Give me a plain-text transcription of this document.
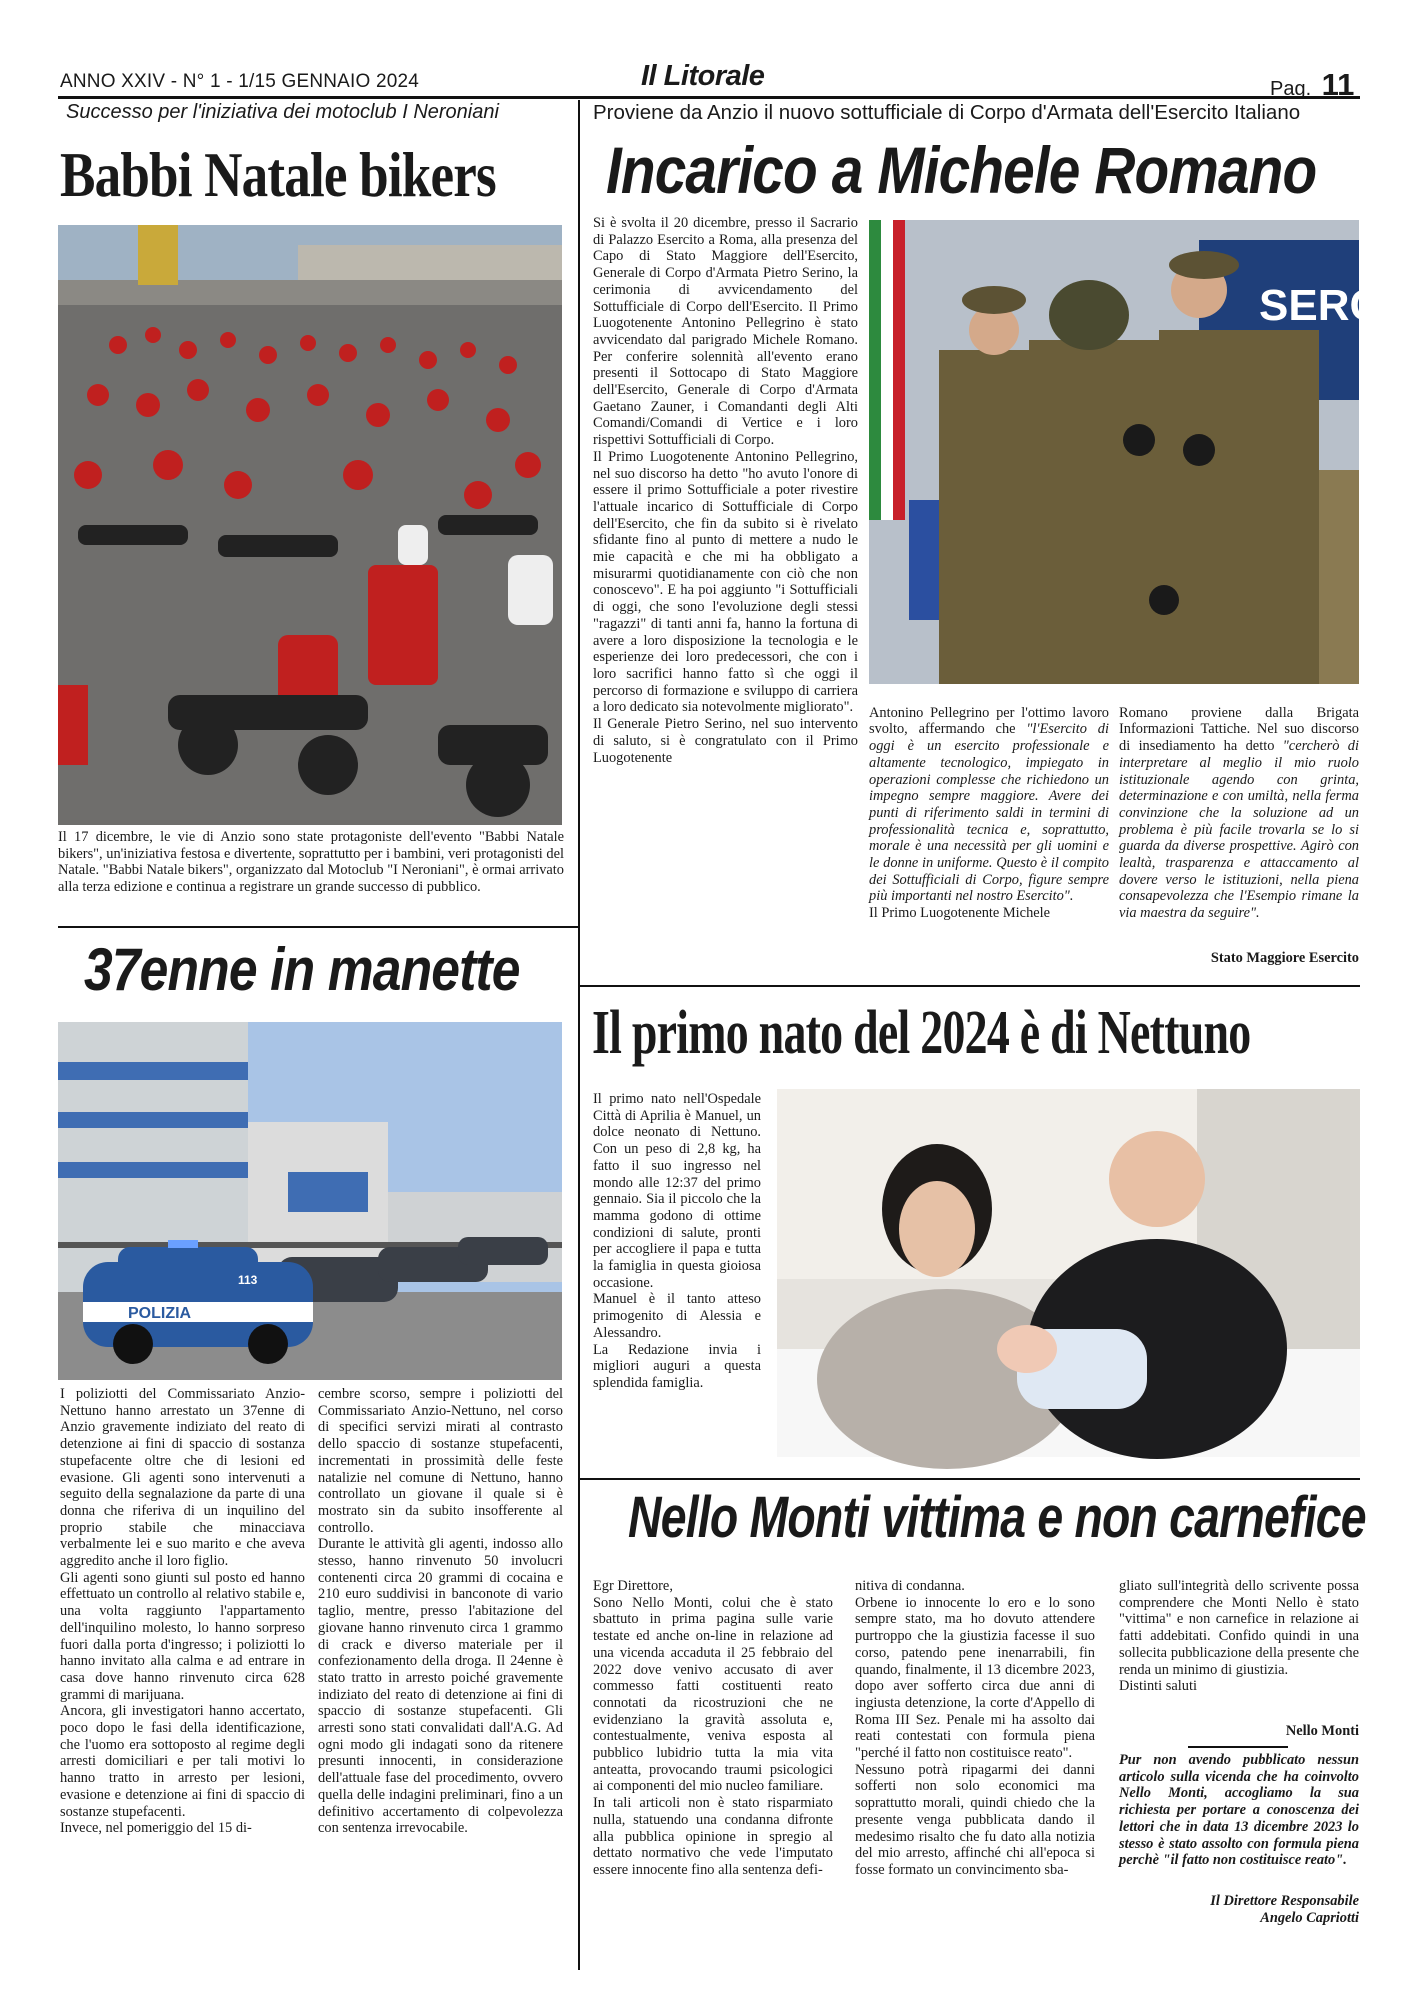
ANNO XXIV - N° 1 - 1/15 GENNAIO 2024	Il Litorale	Pag. 11
Successo per l'iniziativa dei motoclub I Neroniani
Babbi Natale bikers
Il 17 dicembre, le vie di Anzio sono state protagoniste dell'evento "Babbi Natale bikers", un'iniziativa festosa e divertente, soprattutto per i bambini, veri protagonisti del Natale. "Babbi Natale bikers", organizzato dal Motoclub "I Neroniani", è ormai arrivato alla terza edizione e continua a registrare un grande successo di pubblico.
Proviene da Anzio il nuovo sottufficiale di Corpo d'Armata dell'Esercito Italiano
Incarico a Michele Romano
Si è svolta il 20 dicembre, presso il Sacrario di Palazzo Esercito a Roma, alla presenza del Capo di Stato Maggiore dell'Esercito, Generale di Corpo d'Armata Pietro Serino, la cerimonia di avvicendamento del Sottufficiale di Corpo dell'Esercito. Il Primo Luogotenente Antonino Pellegrino è stato avvicendato dal parigrado Michele Romano. Per conferire solennità all'evento erano presenti il Sottocapo di Stato Maggiore dell'Esercito, Generale di Corpo d'Armata Gaetano Zauner, i Comandanti degli Alti Comandi/Comandi di Vertice e i loro rispettivi Sottufficiali di Corpo.
Il Primo Luogotenente Antonino Pellegrino, nel suo discorso ha detto "ho avuto l'onore di essere il primo Sottufficiale a poter rivestire l'attuale incarico di Sottufficiale di Corpo dell'Esercito, che fin da subito si è rivelato sfidante fino al punto di mettere a nudo le mie capacità e che mi ha obbligato a misurarmi quotidianamente con ciò che non conoscevo". E ha poi aggiunto "i Sottufficiali di oggi, che sono l'evoluzione degli stessi "ragazzi" di tanti anni fa, hanno la fortuna di avere a loro disposizione la tecnologia e le esperienze dei loro predecessori, che con i loro sacrifici hanno fatto sì che oggi il percorso di formazione e sviluppo di carriera a loro dedicato sia notevolmente migliorato".
Il Generale Pietro Serino, nel suo intervento di saluto, si è congratulato con il Primo Luogotenente
SERCIT

Antonino Pellegrino per l'ottimo lavoro svolto, affermando che "l'Esercito di oggi è un esercito professionale e altamente tecnologico, impiegato in operazioni complesse che richiedono un impegno sempre maggiore. Avere dei punti di riferimento saldi in termini di professionalità tecnica e, soprattutto, morale è una necessità per gli uomini e le donne in uniforme. Questo è il compito dei Sottufficiali di Corpo, figure sempre più importanti nel nostro Esercito".
Il Primo Luogotenente Michele

Romano proviene dalla Brigata Informazioni Tattiche. Nel suo discorso di insediamento ha detto "cercherò di interpretare al meglio il mio ruolo istituzionale agendo con grinta, determinazione e con umiltà, nella ferma convinzione che la soluzione ad un problema è più facile trovarla se lo si guarda da diverse prospettive. Agirò con lealtà, trasparenza e attaccamento al dovere verso le istituzioni, nella piena consapevolezza che l'Esempio rimane la via maestra da seguire".

Stato Maggiore Esercito
37enne in manette
POLIZIA
113
I poliziotti del Commissariato Anzio-Nettuno hanno arrestato un 37enne di Anzio gravemente indiziato del reato di detenzione ai fini di spaccio di sostanza stupefacente oltre che di lesioni ed evasione. Gli agenti sono intervenuti a seguito della segnalazione da parte di una donna che riferiva di un inquilino del proprio stabile che minacciava verbalmente lei e suo marito e che aveva aggredito anche il loro figlio.
Gli agenti sono giunti sul posto ed hanno effettuato un controllo al relativo stabile e, una volta raggiunto l'appartamento dell'inquilino molesto, lo hanno sorpreso fuori dalla porta d'ingresso; i poliziotti lo hanno invitato alla calma e ad entrare in casa dove hanno rinvenuto circa 628 grammi di marijuana.
Ancora, gli investigatori hanno accertato, poco dopo le fasi della identificazione, che l'uomo era sottoposto al regime degli arresti domiciliari e per tali motivi lo hanno tratto in arresto per lesioni, evasione e detenzione ai fini di spaccio di sostanze stupefacenti.
Invece, nel pomeriggio del 15 di-
cembre scorso, sempre i poliziotti del Commissariato Anzio-Nettuno, nel corso di specifici servizi mirati al contrasto dello spaccio di sostanze stupefacenti, incrementati in prossimità delle feste natalizie nel comune di Nettuno, hanno controllato un giovane il quale si è mostrato sin da subito insofferente al controllo.
Durante le attività gli agenti, indosso allo stesso, hanno rinvenuto 50 involucri contenenti circa 20 grammi di cocaina e 210 euro suddivisi in banconote di vario taglio, mentre, presso l'abitazione del giovane hanno rinvenuto circa 1 grammo di crack e diverso materiale per il confezionamento della droga. Il 24enne è stato tratto in arresto poiché gravemente indiziato del reato di detenzione ai fini di spaccio di sostanze stupefacenti. Gli arresti sono stati convalidati dall'A.G. Ad ogni modo gli indagati sono da ritenere presunti innocenti, in considerazione dell'attuale fase del procedimento, ovvero quella delle indagini preliminari, fino a un definitivo accertamento di colpevolezza con sentenza irrevocabile.
Il primo nato del 2024 è di Nettuno
Il primo nato nell'Ospedale Città di Aprilia è Manuel, un dolce neonato di Nettuno. Con un peso di 2,8 kg, ha fatto il suo ingresso nel mondo alle 12:37 del primo gennaio. Sia il piccolo che la mamma godono di ottime condizioni di salute, pronti per accogliere il papa e tutta la famiglia in questa gioiosa occasione.
Manuel è il tanto atteso primogenito di Alessia e Alessandro.
La Redazione invia i migliori auguri a questa splendida famiglia.
Nello Monti vittima e non carnefice
Egr Direttore,
Sono Nello Monti, colui che è stato sbattuto in prima pagina sulle varie testate ed anche on-line in relazione ad una vicenda accaduta il 25 febbraio del 2022 dove venivo accusato di aver commesso fatti costituenti reato connotati da ricostruzioni che ne evidenziano la gravità assoluta e, contestualmente, veniva esposta al pubblico lubidrio tutta la mia vita anteatta, provocando traumi psicologici ai componenti del mio nucleo familiare.
In tali articoli non è stato risparmiato nulla, statuendo una condanna difronte alla pubblica opinione in spregio al dettato normativo che vede l'imputato essere innocente fino alla sentenza defi-
nitiva di condanna.
Orbene io innocente lo ero e lo sono sempre stato, ma ho dovuto attendere purtroppo che la giustizia facesse il suo corso, patendo pene inenarrabili, fin quando, finalmente, il 13 dicembre 2023, dopo aver sofferto circa due anni di ingiusta detenzione, la corte d'Appello di Roma III Sez. Penale mi ha assolto dai reati contestati con formula piena "perché il fatto non costituisce reato".
Nessuno potrà ripagarmi dei danni sofferti non solo economici ma soprattutto morali, quindi chiedo che la presente venga pubblicata dando il medesimo risalto che fu dato alla notizia del mio arresto, affinché chi all'epoca si fosse formato un convincimento sba-
gliato sull'integrità dello scrivente possa comprendere che Monti Nello è stato "vittima" e non carnefice in relazione ai fatti addebitati. Confido quindi in una sollecita pubblicazione della presente che renda un minimo di giustizia.
Distinti saluti
Nello Monti
Pur non avendo pubblicato nessun articolo sulla vicenda che ha coinvolto Nello Monti, accogliamo la sua richiesta per portare a conoscenza dei lettori che in data 13 dicembre 2023 lo stesso è stato assolto con formula piena perchè "il fatto non costituisce reato".
Il Direttore Responsabile
Angelo Capriotti
